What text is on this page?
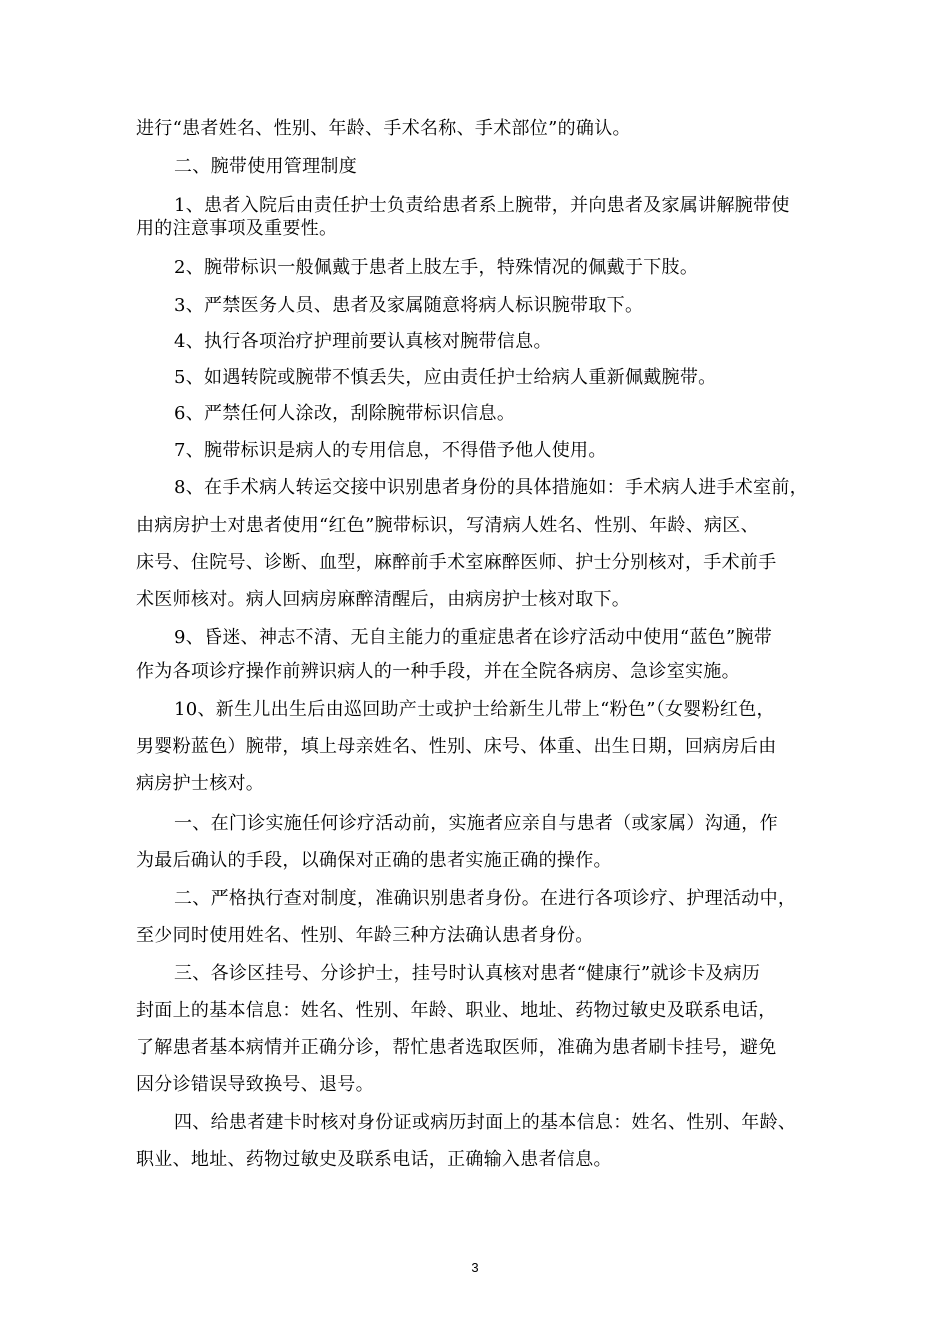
进行“患者姓名、性别、年龄、手术名称、手术部位”的确认。
二、腕带使用管理制度
1、患者入院后由责任护士负责给患者系上腕带，并向患者及家属讲解腕带使
用的注意事项及重要性。
2、腕带标识一般佩戴于患者上肢左手，特殊情况的佩戴于下肢。
3、严禁医务人员、患者及家属随意将病人标识腕带取下。
4、执行各项治疗护理前要认真核对腕带信息。
5、如遇转院或腕带不慎丢失，应由责任护士给病人重新佩戴腕带。
6、严禁任何人涂改，刮除腕带标识信息。
7、腕带标识是病人的专用信息，不得借予他人使用。
8、在手术病人转运交接中识别患者身份的具体措施如：手术病人进手术室前，
由病房护士对患者使用“红色”腕带标识，写清病人姓名、性别、年龄、病区、
床号、住院号、诊断、血型，麻醉前手术室麻醉医师、护士分别核对，手术前手
术医师核对。病人回病房麻醉清醒后，由病房护士核对取下。
9、昏迷、神志不清、无自主能力的重症患者在诊疗活动中使用“蓝色”腕带
作为各项诊疗操作前辨识病人的一种手段，并在全院各病房、急诊室实施。
10、新生儿出生后由巡回助产士或护士给新生儿带上“粉色”（女婴粉红色，
男婴粉蓝色）腕带，填上母亲姓名、性别、床号、体重、出生日期，回病房后由
病房护士核对。
一、在门诊实施任何诊疗活动前，实施者应亲自与患者（或家属）沟通，作
为最后确认的手段，以确保对正确的患者实施正确的操作。
二、严格执行查对制度，准确识别患者身份。在进行各项诊疗、护理活动中，
至少同时使用姓名、性别、年龄三种方法确认患者身份。
三、各诊区挂号、分诊护士，挂号时认真核对患者“健康行”就诊卡及病历
封面上的基本信息：姓名、性别、年龄、职业、地址、药物过敏史及联系电话，
了解患者基本病情并正确分诊，帮忙患者选取医师，准确为患者刷卡挂号，避免
因分诊错误导致换号、退号。
四、给患者建卡时核对身份证或病历封面上的基本信息：姓名、性别、年龄、
职业、地址、药物过敏史及联系电话，正确输入患者信息。
3
